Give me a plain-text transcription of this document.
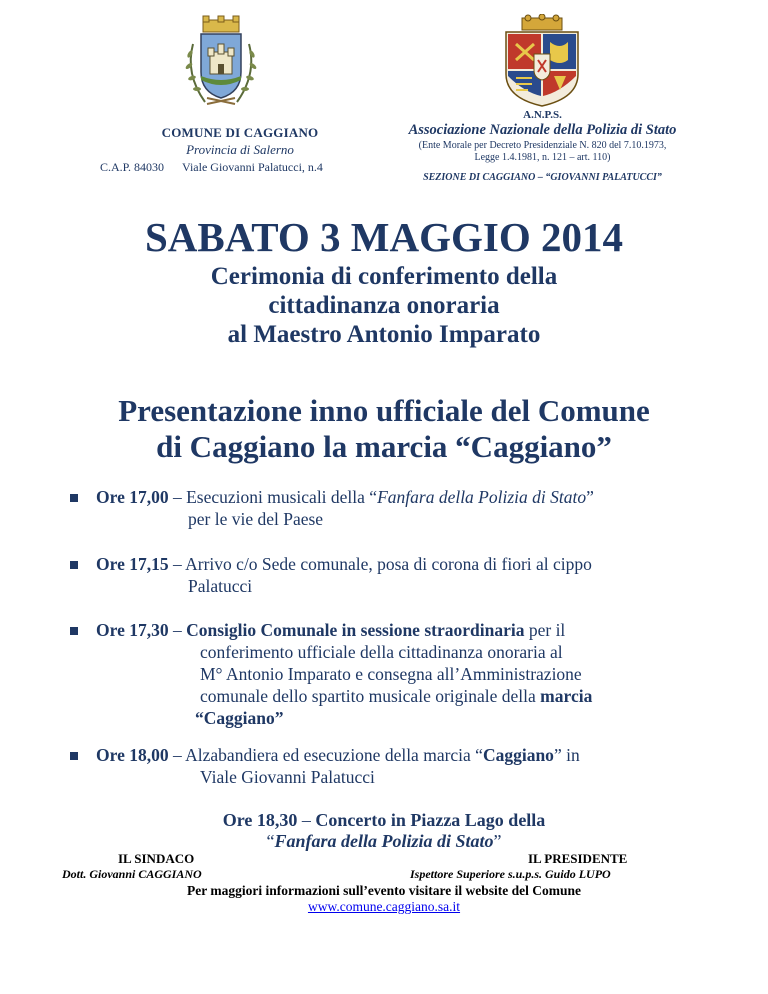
COMUNE DI CAGGIANO
Provincia di Salerno
C.A.P. 84030 Viale Giovanni Palatucci, n.4
A.N.P.S.
Associazione Nazionale della Polizia di Stato
(Ente Morale per Decreto Presidenziale N. 820 del 7.10.1973,
Legge 1.4.1981, n. 121 – art. 110)
SEZIONE DI CAGGIANO – “GIOVANNI PALATUCCI”
SABATO 3 MAGGIO 2014
Cerimonia di conferimento della
cittadinanza onoraria
al Maestro Antonio Imparato
Presentazione inno ufficiale del Comune
di Caggiano la marcia “Caggiano”
Ore 17,00 – Esecuzioni musicali della “Fanfara della Polizia di Stato”
per le vie del Paese
Ore 17,15 – Arrivo c/o Sede comunale, posa di corona di fiori al cippo
Palatucci
Ore 17,30 – Consiglio Comunale in sessione straordinaria per il
conferimento ufficiale della cittadinanza onoraria al
M° Antonio Imparato e consegna all’Amministrazione
comunale dello spartito musicale originale della marcia
“Caggiano”
Ore 18,00 – Alzabandiera ed esecuzione della marcia “Caggiano” in
Viale Giovanni Palatucci
Ore 18,30 – Concerto in Piazza Lago della
“Fanfara della Polizia di Stato”
IL SINDACO
Dott. Giovanni CAGGIANO
IL PRESIDENTE
Ispettore Superiore s.u.p.s. Guido LUPO
Per maggiori informazioni sull’evento visitare il website del Comune
www.comune.caggiano.sa.it
